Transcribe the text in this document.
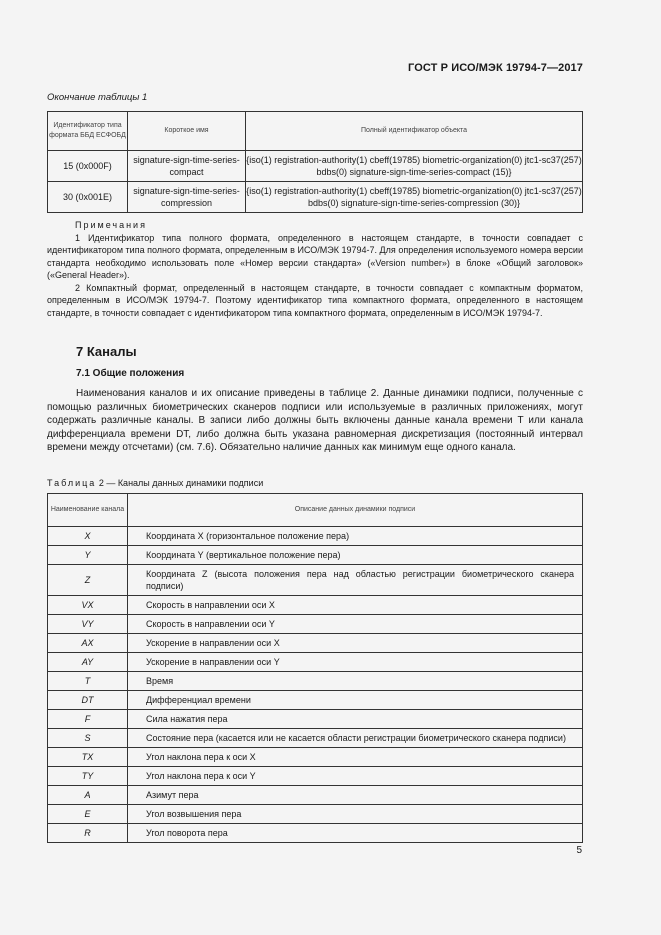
ГОСТ Р ИСО/МЭК 19794-7—2017
Окончание таблицы 1
Идентификатор типа формата ББД ЕСФОБД	Короткое имя	Полный идентификатор объекта
15 (0x000F)	signature-sign-time-series-compact	{iso(1) registration-authority(1) cbeff(19785) biometric-organization(0) jtc1-sc37(257) bdbs(0) signature-sign-time-series-compact (15)}
30 (0x001E)	signature-sign-time-series-compression	{iso(1) registration-authority(1) cbeff(19785) biometric-organization(0) jtc1-sc37(257) bdbs(0) signature-sign-time-series-compression (30)}

Примечания

1 Идентификатор типа полного формата, определенного в настоящем стандарте, в точности совпадает с идентификатором типа полного формата, определенным в ИСО/МЭК 19794-7. Для определения используемого номера версии стандарта необходимо использовать поле «Номер версии стандарта» («Version number») в блоке «Общий заголовок» («General Header»).

2 Компактный формат, определенный в настоящем стандарте, в точности совпадает с компактным форматом, определенным в ИСО/МЭК 19794-7. Поэтому идентификатор типа компактного формата, определенного в настоящем стандарте, в точности совпадает с идентификатором типа компактного формата, определенным в ИСО/МЭК 19794-7.

7 Каналы
7.1 Общие положения

Наименования каналов и их описание приведены в таблице 2. Данные динамики подписи, полученные с помощью различных биометрических сканеров подписи или используемые в различных приложениях, могут содержать различные каналы. В записи либо должны быть включены данные канала времени T или канала дифференциала времени DT, либо должна быть указана равномерная дискретизация (постоянный интервал времени между отсчетами) (см. 7.6). Обязательно наличие данных как минимум еще одного канала.

Таблица 2 — Каналы данных динамики подписи
Наименование канала	Описание данных динамики подписи
X	Координата X (горизонтальное положение пера)
Y	Координата Y (вертикальное положение пера)
Z	Координата Z (высота положения пера над областью регистрации биометрического сканера подписи)
VX	Скорость в направлении оси X
VY	Скорость в направлении оси Y
AX	Ускорение в направлении оси X
AY	Ускорение в направлении оси Y
T	Время
DT	Дифференциал времени
F	Сила нажатия пера
S	Состояние пера (касается или не касается области регистрации биометрического сканера подписи)
TX	Угол наклона пера к оси X
TY	Угол наклона пера к оси Y
A	Азимут пера
E	Угол возвышения пера
R	Угол поворота пера
5
